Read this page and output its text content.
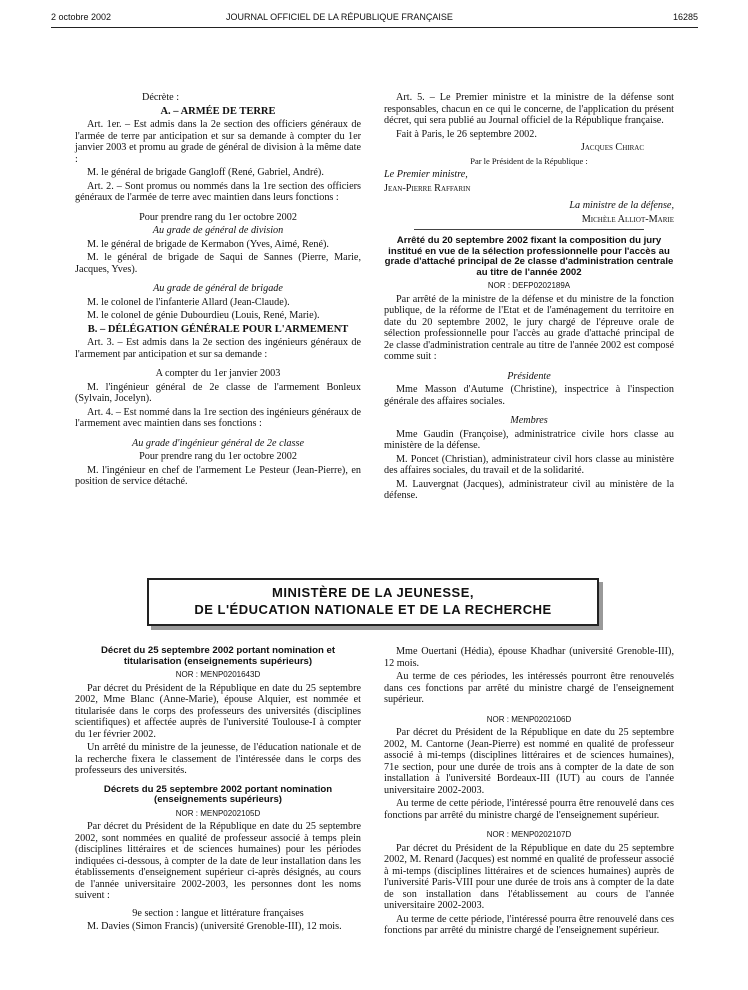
2 octobre 2002	JOURNAL OFFICIEL DE LA RÉPUBLIQUE FRANÇAISE	16285

Décrète :

A. – ARMÉE DE TERRE

Art. 1er. – Est admis dans la 2e section des officiers généraux de l'armée de terre par anticipation et sur sa demande à compter du 1er janvier 2003 et promu au grade de général de division à la même date :

M. le général de brigade Gangloff (René, Gabriel, André).

Art. 2. – Sont promus ou nommés dans la 1re section des officiers généraux de l'armée de terre avec maintien dans leurs fonctions :

Pour prendre rang du 1er octobre 2002

Au grade de général de division

M. le général de brigade de Kermabon (Yves, Aimé, René).

M. le général de brigade de Saqui de Sannes (Pierre, Marie, Jacques, Yves).

Au grade de général de brigade

M. le colonel de l'infanterie Allard (Jean-Claude).

M. le colonel de génie Dubourdieu (Louis, René, Marie).

B. – DÉLÉGATION GÉNÉRALE POUR L'ARMEMENT

Art. 3. – Est admis dans la 2e section des ingénieurs généraux de l'armement par anticipation et sur sa demande :

A compter du 1er janvier 2003

M. l'ingénieur général de 2e classe de l'armement Bonleux (Sylvain, Jocelyn).

Art. 4. – Est nommé dans la 1re section des ingénieurs généraux de l'armement avec maintien dans ses fonctions :

Au grade d'ingénieur général de 2e classe

Pour prendre rang du 1er octobre 2002

M. l'ingénieur en chef de l'armement Le Pesteur (Jean-Pierre), en position de service détaché.

Art. 5. – Le Premier ministre et la ministre de la défense sont responsables, chacun en ce qui le concerne, de l'application du présent décret, qui sera publié au Journal officiel de la République française.

Fait à Paris, le 26 septembre 2002.

Jacques Chirac

Par le Président de la République :

Le Premier ministre,

Jean-Pierre Raffarin

La ministre de la défense,

Michèle Alliot-Marie

Arrêté du 20 septembre 2002 fixant la composition du jury institué en vue de la sélection professionnelle pour l'accès au grade d'attaché principal de 2e classe d'administration centrale au titre de l'année 2002

NOR : DEFP0202189A

Par arrêté de la ministre de la défense et du ministre de la fonction publique, de la réforme de l'Etat et de l'aménagement du territoire en date du 20 septembre 2002, le jury chargé de l'épreuve orale de sélection professionnelle pour l'accès au grade d'attaché principal de 2e classe d'administration centrale au titre de l'année 2002 est composé comme suit :

Présidente

Mme Masson d'Autume (Christine), inspectrice à l'inspection générale des affaires sociales.

Membres

Mme Gaudin (Françoise), administratrice civile hors classe au ministère de la défense.

M. Poncet (Christian), administrateur civil hors classe au ministère des affaires sociales, du travail et de la solidarité.

M. Lauvergnat (Jacques), administrateur civil au ministère de la défense.

MINISTÈRE DE LA JEUNESSE,
DE L'ÉDUCATION NATIONALE ET DE LA RECHERCHE

Décret du 25 septembre 2002 portant nomination et titularisation (enseignements supérieurs)

NOR : MENP0201643D

Par décret du Président de la République en date du 25 septembre 2002, Mme Blanc (Anne-Marie), épouse Alquier, est nommée et titularisée dans le corps des professeurs des universités (disciplines scientifiques) et affectée auprès de l'université Toulouse-I à compter du 1er février 2002.

Un arrêté du ministre de la jeunesse, de l'éducation nationale et de la recherche fixera le classement de l'intéressée dans le corps des professeurs des universités.

Décrets du 25 septembre 2002 portant nomination (enseignements supérieurs)

NOR : MENP0202105D

Par décret du Président de la République en date du 25 septembre 2002, sont nommées en qualité de professeur associé à temps plein (disciplines littéraires et de sciences humaines) pour les périodes indiquées ci-dessous, à compter de la date de leur installation dans les établissements d'enseignement supérieur ci-après désignés, au cours de l'année universitaire 2002-2003, les personnes dont les noms suivent :

9e section : langue et littérature françaises

M. Davies (Simon Francis) (université Grenoble-III), 12 mois.

Mme Ouertani (Hédia), épouse Khadhar (université Grenoble-III), 12 mois.

Au terme de ces périodes, les intéressés pourront être renouvelés dans ces fonctions par arrêté du ministre chargé de l'enseignement supérieur.

NOR : MENP0202106D

Par décret du Président de la République en date du 25 septembre 2002, M. Cantorne (Jean-Pierre) est nommé en qualité de professeur associé à mi-temps (disciplines littéraires et de sciences humaines), 71e section, pour une durée de trois ans à compter de la date de son installation à l'université Bordeaux-III (IUT) au cours de l'année universitaire 2002-2003.

Au terme de cette période, l'intéressé pourra être renouvelé dans ces fonctions par arrêté du ministre chargé de l'enseignement supérieur.

NOR : MENP0202107D

Par décret du Président de la République en date du 25 septembre 2002, M. Renard (Jacques) est nommé en qualité de professeur associé à mi-temps (disciplines littéraires et de sciences humaines) auprès de l'université Paris-VIII pour une durée de trois ans à compter de la date de son installation dans l'établissement au cours de l'année universitaire 2002-2003.

Au terme de cette période, l'intéressé pourra être renouvelé dans ces fonctions par arrêté du ministre chargé de l'enseignement supérieur.
